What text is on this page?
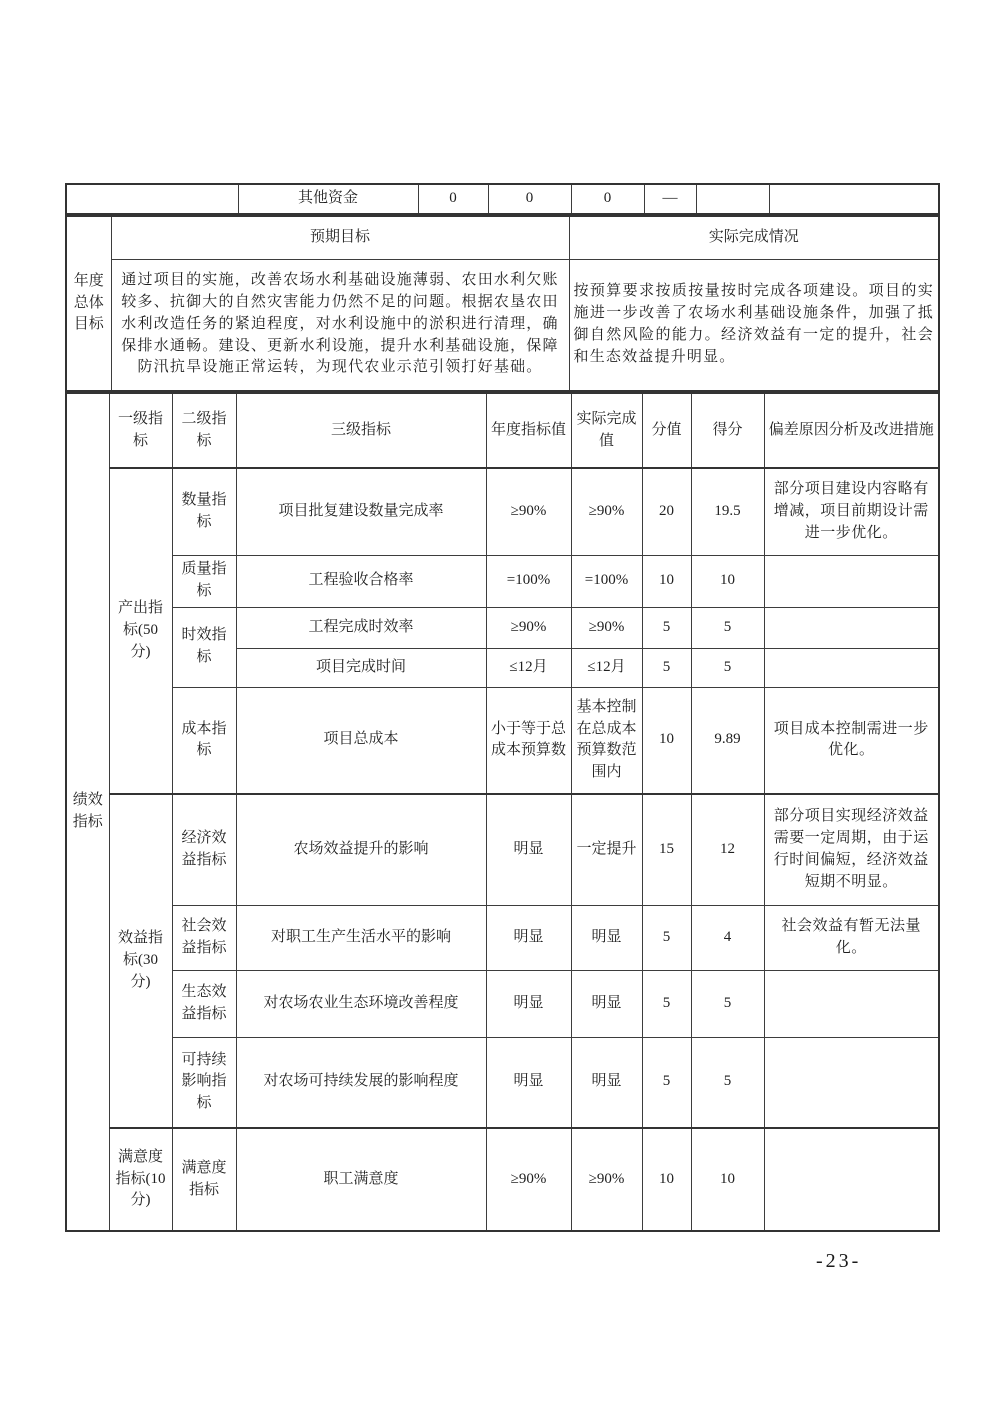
	其他资金	0	0	0	—		
年度总体目标	预期目标	实际完成情况
	通过项目的实施，改善农场水利基础设施薄弱、农田水利欠账较多、抗御大的自然灾害能力仍然不足的问题。根据农垦农田水利改造任务的紧迫程度，对水利设施中的淤积进行清理，确保排水通畅。建设、更新水利设施，提升水利基础设施，保障防汛抗旱设施正常运转，为现代农业示范引领打好基础。	按预算要求按质按量按时完成各项建设。项目的实施进一步改善了农场水利基础设施条件，加强了抵御自然风险的能力。经济效益有一定的提升，社会和生态效益提升明显。
绩效指标	一级指标	二级指标	三级指标	年度指标值	实际完成值	分值	得分	偏差原因分析及改进措施
	产出指标(50分)	数量指标	项目批复建设数量完成率	≥90%	≥90%	20	19.5	部分项目建设内容略有增减，项目前期设计需进一步优化。
		质量指标	工程验收合格率	=100%	=100%	10	10	
		时效指标	工程完成时效率	≥90%	≥90%	5	5	
			项目完成时间	≤12月	≤12月	5	5	
		成本指标	项目总成本	小于等于总成本预算数	基本控制在总成本预算数范围内	10	9.89	项目成本控制需进一步优化。
	效益指标(30分)	经济效益指标	农场效益提升的影响	明显	一定提升	15	12	部分项目实现经济效益需要一定周期，由于运行时间偏短，经济效益短期不明显。
		社会效益指标	对职工生产生活水平的影响	明显	明显	5	4	社会效益有暂无法量化。
		生态效益指标	对农场农业生态环境改善程度	明显	明显	5	5	
		可持续影响指标	对农场可持续发展的影响程度	明显	明显	5	5	
	满意度指标(10分)	满意度指标	职工满意度	≥90%	≥90%	10	10	
-23-
